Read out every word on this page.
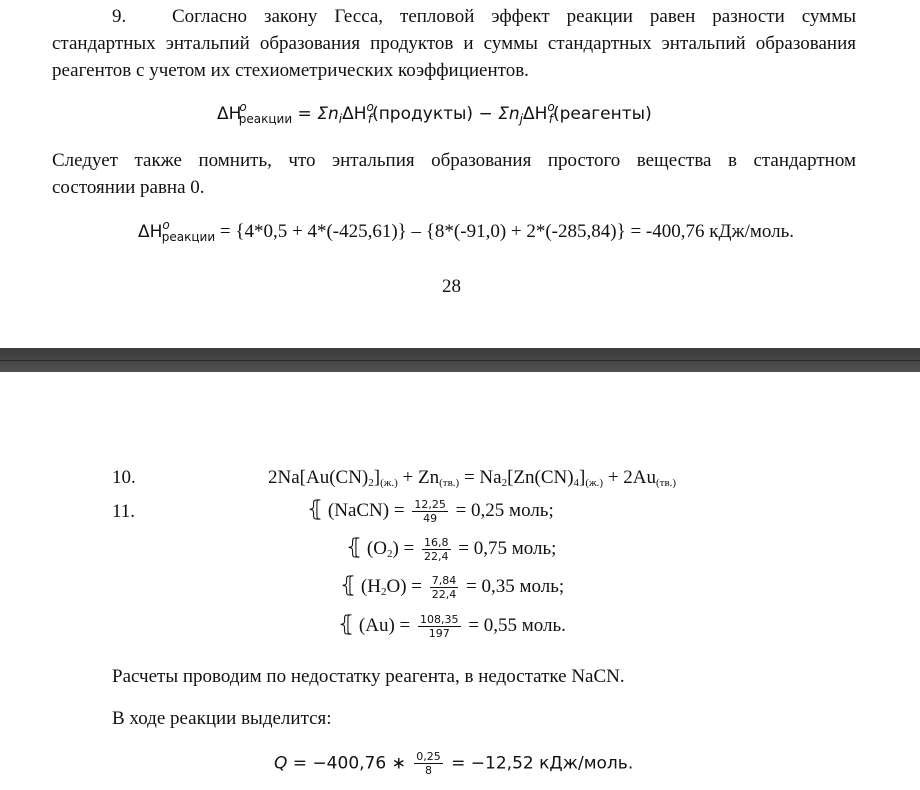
9. Согласно закону Гесса, тепловой эффект реакции равен разности суммы
стандартных энтальпий образования продуктов и суммы стандартных энтальпий образования
реагентов с учетом их стехиометрических коэффициентов.
$\Delta H^o_{реакции}$ = $\Sigma n_i\Delta H^o_f(продукты)$ − $\Sigma n_j\Delta H^o_f(реагенты)$
Следует также помнить, что энтальпия образования простого вещества в стандартном
состоянии равна 0.
$\Delta H^o_{реакции} = \{4*0,5 + 4*(-425,61)\} - \{8*(-91,0) + 2*(-285,84)\} = -400,76$ кДж/моль.
28
10.	2Na[Au(CN)2](ж.) + Zn(тв.) = Na2[Zn(CN)4](ж.) + 2Au(тв.)
11.	⦃ (NaCN) = $\frac{12,25}{49} = 0,25$ моль;
⦃ $(O2) = \frac{16,8}{22,4} = 0,75$ моль;
⦃ $(H2O) = \frac{7,84}{22,4} = 0,35$ моль;
⦃ $(Au) = \frac{108,35}{197} = 0,55$ моль.
Расчеты проводим по недостатку реагента, в недостатке NaCN.
В ходе реакции выделится:
Q = −400,76 ∗ $\frac{0,25}{8} = -12,52$ кДж/моль.
